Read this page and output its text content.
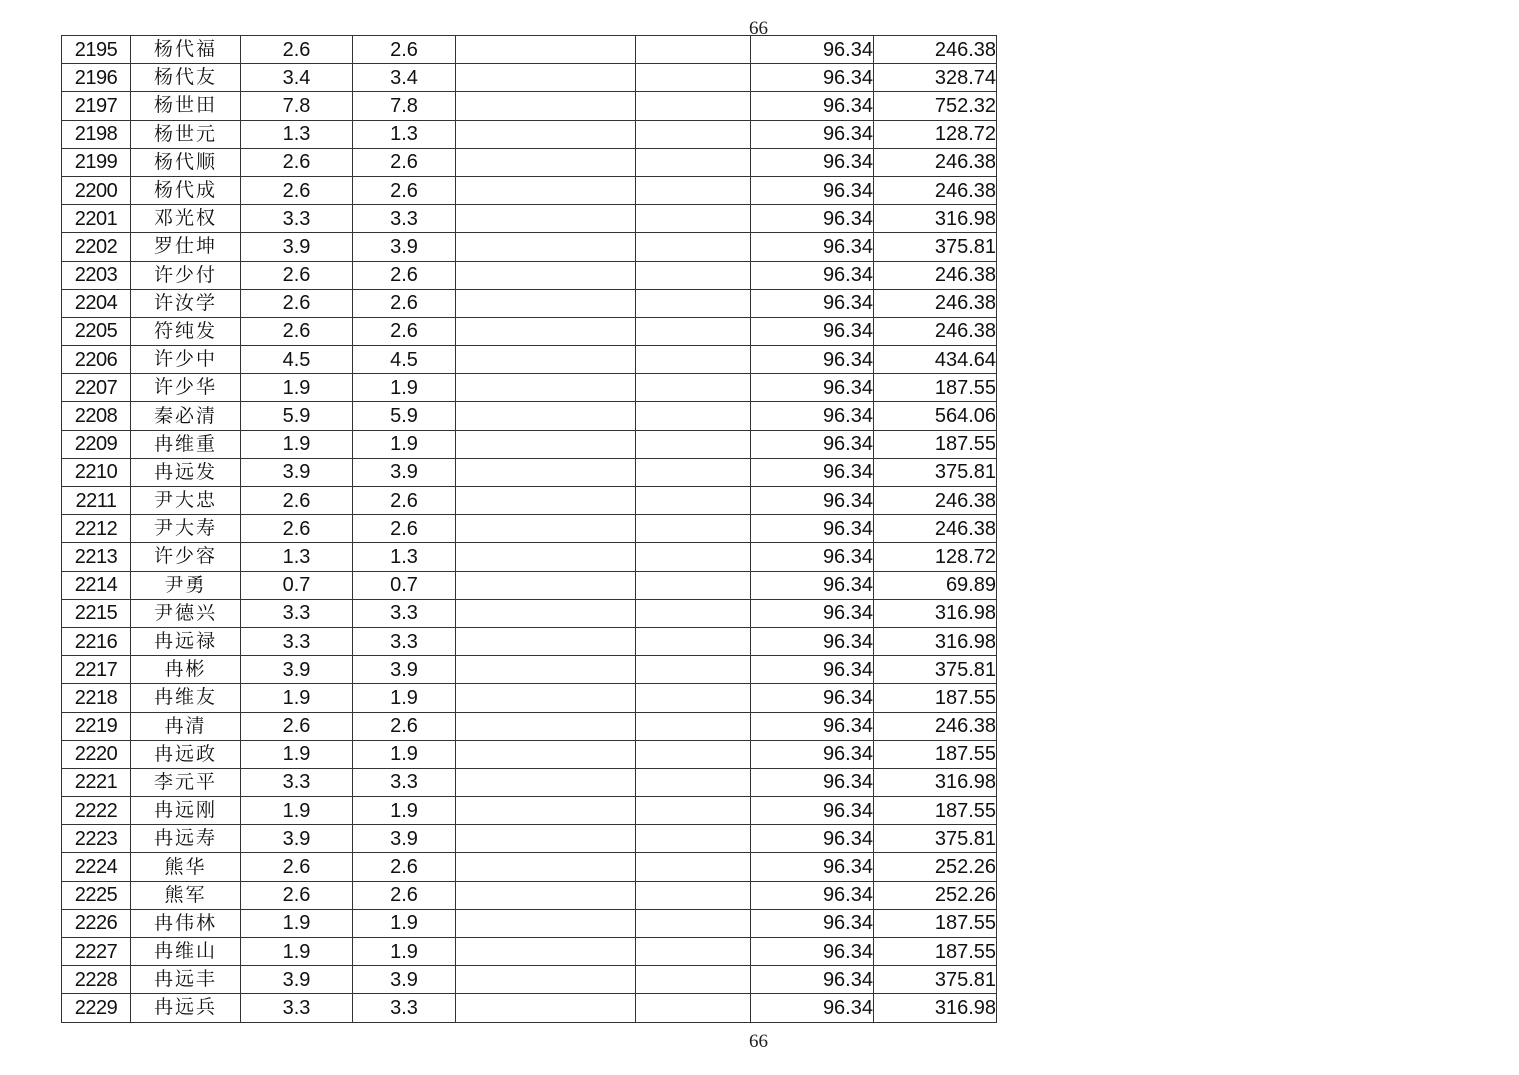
66
2195	杨代福	2.6	2.6			96.34	246.38
2196	杨代友	3.4	3.4			96.34	328.74
2197	杨世田	7.8	7.8			96.34	752.32
2198	杨世元	1.3	1.3			96.34	128.72
2199	杨代顺	2.6	2.6			96.34	246.38
2200	杨代成	2.6	2.6			96.34	246.38
2201	邓光权	3.3	3.3			96.34	316.98
2202	罗仕坤	3.9	3.9			96.34	375.81
2203	许少付	2.6	2.6			96.34	246.38
2204	许汝学	2.6	2.6			96.34	246.38
2205	符纯发	2.6	2.6			96.34	246.38
2206	许少中	4.5	4.5			96.34	434.64
2207	许少华	1.9	1.9			96.34	187.55
2208	秦必清	5.9	5.9			96.34	564.06
2209	冉维重	1.9	1.9			96.34	187.55
2210	冉远发	3.9	3.9			96.34	375.81
2211	尹大忠	2.6	2.6			96.34	246.38
2212	尹大寿	2.6	2.6			96.34	246.38
2213	许少容	1.3	1.3			96.34	128.72
2214	尹勇	0.7	0.7			96.34	69.89
2215	尹德兴	3.3	3.3			96.34	316.98
2216	冉远禄	3.3	3.3			96.34	316.98
2217	冉彬	3.9	3.9			96.34	375.81
2218	冉维友	1.9	1.9			96.34	187.55
2219	冉清	2.6	2.6			96.34	246.38
2220	冉远政	1.9	1.9			96.34	187.55
2221	李元平	3.3	3.3			96.34	316.98
2222	冉远刚	1.9	1.9			96.34	187.55
2223	冉远寿	3.9	3.9			96.34	375.81
2224	熊华	2.6	2.6			96.34	252.26
2225	熊军	2.6	2.6			96.34	252.26
2226	冉伟林	1.9	1.9			96.34	187.55
2227	冉维山	1.9	1.9			96.34	187.55
2228	冉远丰	3.9	3.9			96.34	375.81
2229	冉远兵	3.3	3.3			96.34	316.98
66
